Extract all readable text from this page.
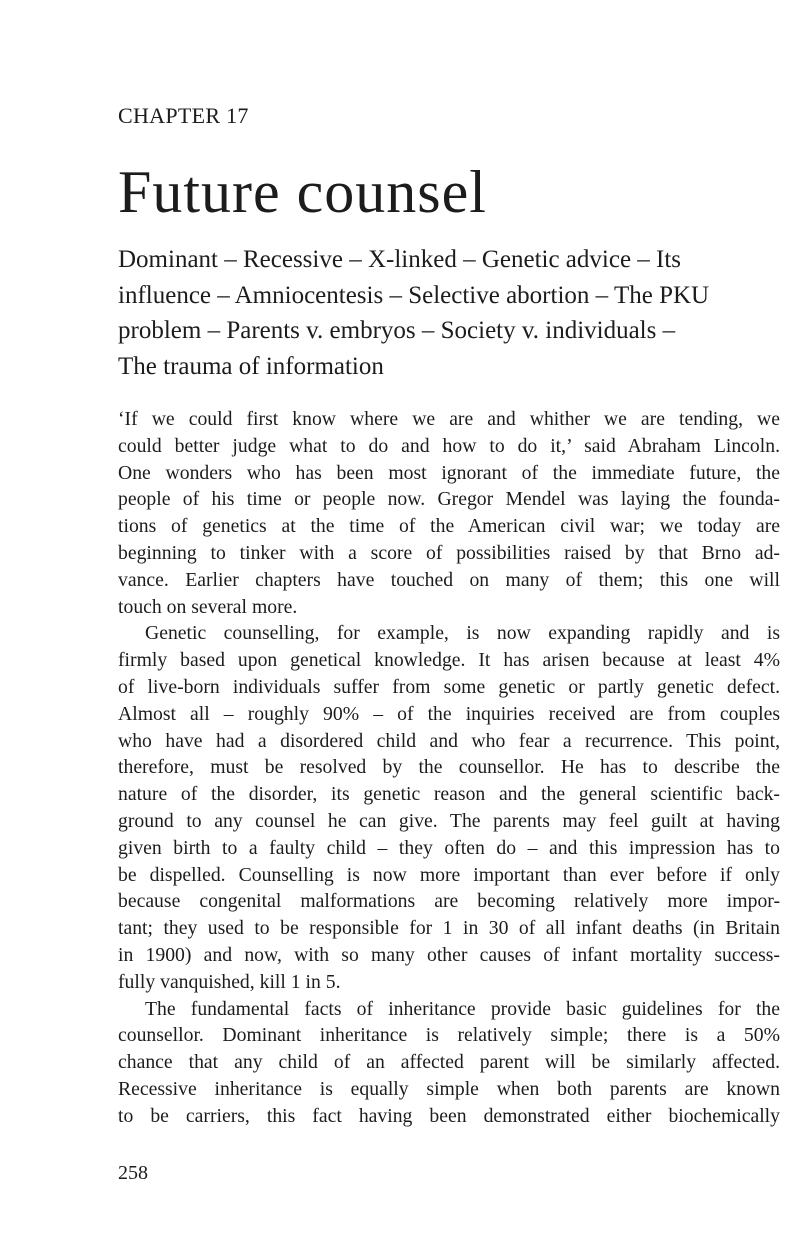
CHAPTER 17
Future counsel
Dominant – Recessive – X-linked – Genetic advice – Its
influence – Amniocentesis – Selective abortion – The PKU
problem – Parents v. embryos – Society v. individuals –
The trauma of information
‘If we could first know where we are and whither we are tending, we
could better judge what to do and how to do it,’ said Abraham Lincoln.
One wonders who has been most ignorant of the immediate future, the
people of his time or people now. Gregor Mendel was laying the founda-
tions of genetics at the time of the American civil war; we today are
beginning to tinker with a score of possibilities raised by that Brno ad-
vance. Earlier chapters have touched on many of them; this one will
touch on several more.
Genetic counselling, for example, is now expanding rapidly and is
firmly based upon genetical knowledge. It has arisen because at least 4%
of live-born individuals suffer from some genetic or partly genetic defect.
Almost all – roughly 90% – of the inquiries received are from couples
who have had a disordered child and who fear a recurrence. This point,
therefore, must be resolved by the counsellor. He has to describe the
nature of the disorder, its genetic reason and the general scientific back-
ground to any counsel he can give. The parents may feel guilt at having
given birth to a faulty child – they often do – and this impression has to
be dispelled. Counselling is now more important than ever before if only
because congenital malformations are becoming relatively more impor-
tant; they used to be responsible for 1 in 30 of all infant deaths (in Britain
in 1900) and now, with so many other causes of infant mortality success-
fully vanquished, kill 1 in 5.
The fundamental facts of inheritance provide basic guidelines for the
counsellor. Dominant inheritance is relatively simple; there is a 50%
chance that any child of an affected parent will be similarly affected.
Recessive inheritance is equally simple when both parents are known
to be carriers, this fact having been demonstrated either biochemically
258
